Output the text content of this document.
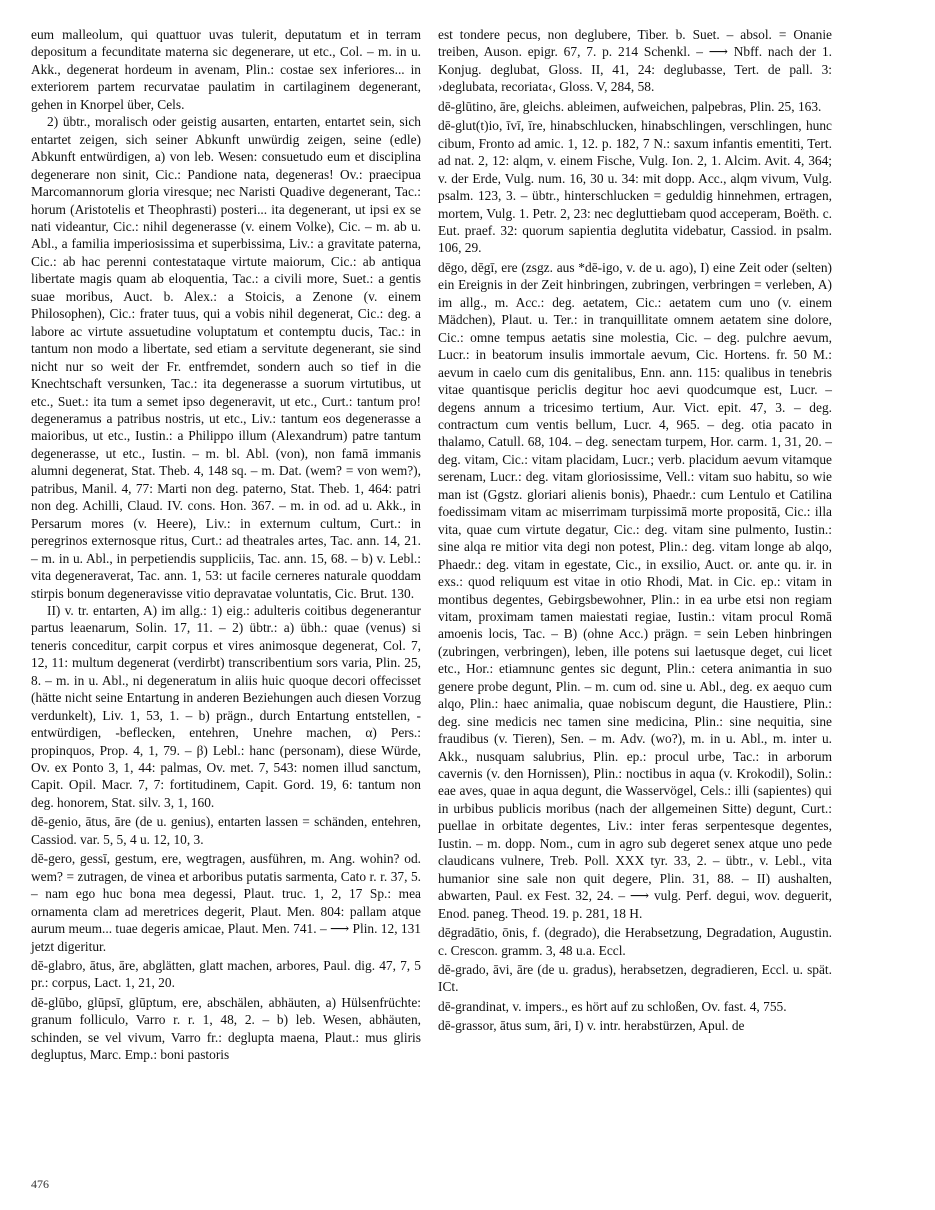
eum malleolum, qui quattuor uvas tulerit, deputatum et in terram depositum a fecunditate materna sic degenerare, ut etc., Col. – m. in u. Akk., degenerat hordeum in avenam, Plin.: costae sex inferiores... in exteriorem partem recurvatae paulatim in cartilaginem degenerant, gehen in Knorpel über, Cels.

2) übtr., moralisch oder geistig ausarten, entarten, entartet sein, sich entartet zeigen, sich seiner Abkunft unwürdig zeigen, seine (edle) Abkunft entwürdigen, a) von leb. Wesen: consuetudo eum et disciplina degenerare non sinit, Cic.: Pandione nata, degeneras! Ov.: praecipua Marcomannorum gloria viresque; nec Naristi Quadive degenerant, Tac.: horum (Aristotelis et Theophrasti) posteri... ita degenerant, ut ipsi ex se nati videantur, Cic.: nihil degenerasse (v. einem Volke), Cic. – m. ab u. Abl., a familia imperiosissima et superbissima, Liv.: a gravitate paterna, Cic.: ab hac perenni contestataque virtute maiorum, Cic.: ab antiqua libertate magis quam ab eloquentia, Tac.: a civili more, Suet.: a gentis suae moribus, Auct. b. Alex.: a Stoicis, a Zenone (v. einem Philosophen), Cic.: frater tuus, qui a vobis nihil degenerat, Cic.: deg. a labore ac virtute assuetudine voluptatum et contemptu ducis, Tac.: in tantum non modo a libertate, sed etiam a servitute degenerant, sie sind nicht nur so weit der Fr. entfremdet, sondern auch so tief in die Knechtschaft versunken, Tac.: ita degenerasse a suorum virtutibus, ut etc., Suet.: ita tum a semet ipso degeneravit, ut etc., Curt.: tantum pro! degeneramus a patribus nostris, ut etc., Liv.: tantum eos degenerasse a maioribus, ut etc., Iustin.: a Philippo illum (Alexandrum) patre tantum degenerasse, ut etc., Iustin. – m. bl. Abl. (von), non famā immanis alumni degenerat, Stat. Theb. 4, 148 sq. – m. Dat. (wem? = von wem?), patribus, Manil. 4, 77: Marti non deg. paterno, Stat. Theb. 1, 464: patri non deg. Achilli, Claud. IV. cons. Hon. 367. – m. in od. ad u. Akk., in Persarum mores (v. Heere), Liv.: in externum cultum, Curt.: in peregrinos externosque ritus, Curt.: ad theatrales artes, Tac. ann. 14, 21. – m. in u. Abl., in perpetiendis suppliciis, Tac. ann. 15, 68. – b) v. Lebl.: vita degeneraverat, Tac. ann. 1, 53: ut facile cerneres naturale quoddam stirpis bonum degeneravisse vitio depravatae voluntatis, Cic. Brut. 130.

II) v. tr. entarten, A) im allg.: 1) eig.: adulteris coitibus degenerantur partus leaenarum, Solin. 17, 11. – 2) übtr.: a) übh.: quae (venus) si teneris conceditur, carpit corpus et vires animosque degenerat, Col. 7, 12, 11: multum degenerat (verdirbt) transcribentium sors varia, Plin. 25, 8. – m. in u. Abl., ni degeneratum in aliis huic quoque decori offecisset (hätte nicht seine Entartung in anderen Beziehungen auch diesen Vorzug verdunkelt), Liv. 1, 53, 1. – b) prägn., durch Entartung entstellen, -entwürdigen, -beflecken, entehren, Unehre machen, α) Pers.: propinquos, Prop. 4, 1, 79. – β) Lebl.: hanc (personam), diese Würde, Ov. ex Ponto 3, 1, 44: palmas, Ov. met. 7, 543: nomen illud sanctum, Capit. Opil. Macr. 7, 7: fortitudinem, Capit. Gord. 19, 6: tantum non deg. honorem, Stat. silv. 3, 1, 160.

dē-genio, ātus, āre (de u. genius), entarten lassen = schänden, entehren, Cassiod. var. 5, 5, 4 u. 12, 10, 3.

dē-gero, gessī, gestum, ere, wegtragen, ausführen, m. Ang. wohin? od. wem? = zutragen, de vinea et arboribus putatis sarmenta, Cato r. r. 37, 5. – nam ego huc bona mea degessi, Plaut. truc. 1, 2, 17 Sp.: mea ornamenta clam ad meretrices degerit, Plaut. Men. 804: pallam atque aurum meum... tuae degeris amicae, Plaut. Men. 741. – ⟶ Plin. 12, 131 jetzt digeritur.

dē-glabro, ātus, āre, abglätten, glatt machen, arbores, Paul. dig. 47, 7, 5 pr.: corpus, Lact. 1, 21, 20.

dē-glūbo, glūpsī, glūptum, ere, abschälen, abhäuten, a) Hülsenfrüchte: granum folliculo, Varro r. r. 1, 48, 2. – b) leb. Wesen, abhäuten, schinden, se vel vivum, Varro fr.: deglupta maena, Plaut.: mus gliris degluptus, Marc. Emp.: boni pastoris

est tondere pecus, non deglubere, Tiber. b. Suet. – absol. = Onanie treiben, Auson. epigr. 67, 7. p. 214 Schenkl. – ⟶ Nbff. nach der 1. Konjug. deglubat, Gloss. II, 41, 24: deglubasse, Tert. de pall. 3: ›deglubata, recoriata‹, Gloss. V, 284, 58.

dē-glūtino, āre, gleichs. ableimen, aufweichen, palpebras, Plin. 25, 163.

dē-glut(t)io, īvī, īre, hinabschlucken, hinabschlingen, verschlingen, hunc cibum, Fronto ad amic. 1, 12. p. 182, 7 N.: saxum infantis ementiti, Tert. ad nat. 2, 12: alqm, v. einem Fische, Vulg. Ion. 2, 1. Alcim. Avit. 4, 364; v. der Erde, Vulg. num. 16, 30 u. 34: mit dopp. Acc., alqm vivum, Vulg. psalm. 123, 3. – übtr., hinterschlucken = geduldig hinnehmen, ertragen, mortem, Vulg. 1. Petr. 2, 23: nec degluttiebam quod acceperam, Boëth. c. Eut. praef. 32: quorum sapientia deglutita videbatur, Cassiod. in psalm. 106, 29.

dēgo, dēgī, ere (zsgz. aus *dē-igo, v. de u. ago), I) eine Zeit oder (selten) ein Ereignis in der Zeit hinbringen, zubringen, verbringen = verleben, A) im allg., m. Acc.: deg. aetatem, Cic.: aetatem cum uno (v. einem Mädchen), Plaut. u. Ter.: in tranquillitate omnem aetatem sine dolore, Cic.: omne tempus aetatis sine molestia, Cic. – deg. pulchre aevum, Lucr.: in beatorum insulis immortale aevum, Cic. Hortens. fr. 50 M.: aevum in caelo cum dis genitalibus, Enn. ann. 115: qualibus in tenebris vitae quantisque periclis degitur hoc aevi quodcumque est, Lucr. – degens annum a tricesimo tertium, Aur. Vict. epit. 47, 3. – deg. contractum cum ventis bellum, Lucr. 4, 965. – deg. otia pacato in thalamo, Catull. 68, 104. – deg. senectam turpem, Hor. carm. 1, 31, 20. – deg. vitam, Cic.: vitam placidam, Lucr.; verb. placidum aevum vitamque serenam, Lucr.: deg. vitam gloriosissime, Vell.: vitam suo habitu, so wie man ist (Ggstz. gloriari alienis bonis), Phaedr.: cum Lentulo et Catilina foedissimam vitam ac miserrimam turpissimā morte propositā, Cic.: illa vita, quae cum virtute degatur, Cic.: deg. vitam sine pulmento, Iustin.: sine alqa re mitior vita degi non potest, Plin.: deg. vitam longe ab alqo, Phaedr.: deg. vitam in egestate, Cic., in exsilio, Auct. or. ante qu. ir. in exs.: quod reliquum est vitae in otio Rhodi, Mat. in Cic. ep.: vitam in montibus degentes, Gebirgsbewohner, Plin.: in ea urbe etsi non regiam vitam, proximam tamen maiestati regiae, Iustin.: vitam procul Romā amoenis locis, Tac. – B) (ohne Acc.) prägn. = sein Leben hinbringen (zubringen, verbringen), leben, ille potens sui laetusque deget, cui licet etc., Hor.: etiamnunc gentes sic degunt, Plin.: cetera animantia in suo genere probe degunt, Plin. – m. cum od. sine u. Abl., deg. ex aequo cum alqo, Plin.: haec animalia, quae nobiscum degunt, die Haustiere, Plin.: deg. sine medicis nec tamen sine medicina, Plin.: sine nequitia, sine fraudibus (v. Tieren), Sen. – m. Adv. (wo?), m. in u. Abl., m. inter u. Akk., nusquam salubrius, Plin. ep.: procul urbe, Tac.: in arborum cavernis (v. den Hornissen), Plin.: noctibus in aqua (v. Krokodil), Solin.: eae aves, quae in aqua degunt, die Wasservögel, Cels.: illi (sapientes) qui in urbibus publicis moribus (nach der allgemeinen Sitte) degunt, Curt.: puellae in orbitate degentes, Liv.: inter feras serpentesque degentes, Iustin. – m. dopp. Nom., cum in agro sub degeret senex atque uno pede claudicans vulnere, Treb. Poll. XXX tyr. 33, 2. – übtr., v. Lebl., vita humanior sine sale non quit degere, Plin. 31, 88. – II) aushalten, abwarten, Paul. ex Fest. 32, 24. – ⟶ vulg. Perf. degui, wov. deguerit, Enod. paneg. Theod. 19. p. 281, 18 H.

dēgradātio, ōnis, f. (degrado), die Herabsetzung, Degradation, Augustin. c. Crescon. gramm. 3, 48 u.a. Eccl.

dē-grado, āvi, āre (de u. gradus), herabsetzen, degradieren, Eccl. u. spät. ICt.

dē-grandinat, v. impers., es hört auf zu schloßen, Ov. fast. 4, 755.

dē-grassor, ātus sum, āri, I) v. intr. herabstürzen, Apul. de

476
